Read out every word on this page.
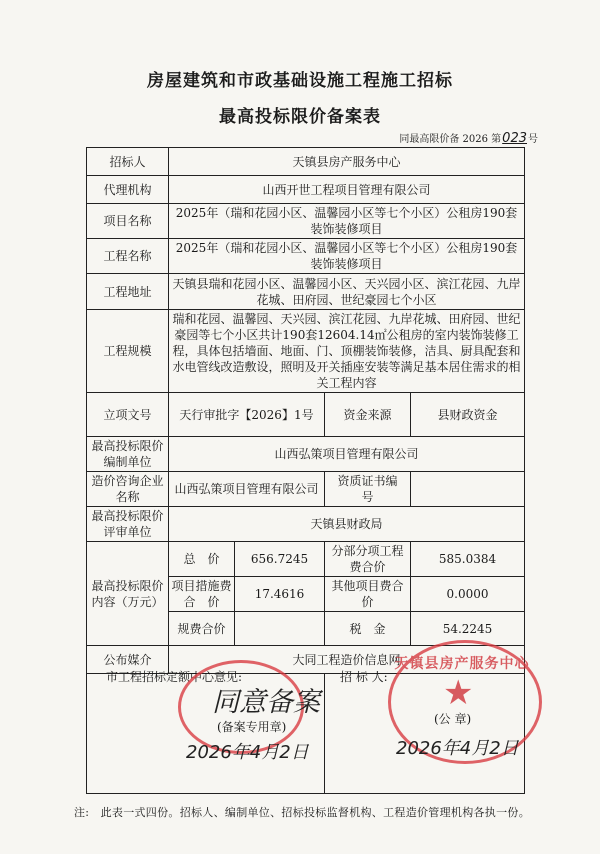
房屋建筑和市政基础设施工程施工招标
最高投标限价备案表
同最高限价备 2026 第023号
招标人	天镇县房产服务中心			
代理机构	山西开世工程项目管理有限公司			
项目名称	2025年（瑞和花园小区、温馨园小区等七个小区）公租房190套装饰装修项目			
工程名称	2025年（瑞和花园小区、温馨园小区等七个小区）公租房190套装饰装修项目			
工程地址	天镇县瑞和花园小区、温馨园小区、天兴园小区、滨江花园、九岸花城、田府园、世纪豪园七个小区			
工程规模	瑞和花园、温馨园、天兴园、滨江花园、九岸花城、田府园、世纪豪园等七个小区共计190套12604.14㎡公租房的室内装饰装修工程，具体包括墙面、地面、门、顶棚装饰装修，洁具、厨具配套和水电管线改造敷设，照明及开关插座安装等满足基本居住需求的相关工程内容			
立项文号	天行审批字【2026】1号		资金来源	县财政资金
最高投标限价编制单位	山西弘策项目管理有限公司			
造价咨询企业名称	山西弘策项目管理有限公司		资质证书编　号	
最高投标限价评审单位	天镇县财政局			
最高投标限价内容（万元）	总　价	656.7245	分部分项工程费合价	585.0384
	项目措施费合　价	17.4616	其他项目费合价	0.0000
	规费合价		税　金	54.2245
公布媒介	大同工程造价信息网			

市工程招标定额中心意见:	招 标 人:
同意备案
(备案专用章)
2026年4月2日
天镇县房产服务中心
★
(公 章)
2026年4月2日
注:　此表一式四份。招标人、编制单位、招标投标监督机构、工程造价管理机构各执一份。
